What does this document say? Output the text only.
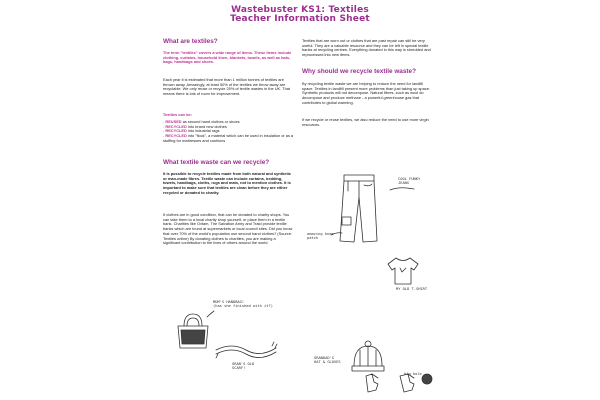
Wastebuster KS1: Textiles
Teacher Information Sheet
What are textiles?
The term "textiles" covers a wide range of items. These items include clothing, curtains, household linen, blankets, towels, as well as hats, bags, handbags and shoes.
Each year it is estimated that more than 1 million tonnes of textiles are thrown away. Amazingly, at least 50% of the textiles we throw away are recyclable. We only reuse or recycle 25% of textile wastes in the UK. That means there is lots of room for improvement.
Textiles can be:
- REUSED as second hand clothes or shoes
- RECYCLED into brand new clothes
- RECYCLED into industrial rags
- RECYCLED into "flock", a material which can be used in insulation or as a stuffing for mattresses and cushions
What textile waste can we recycle?
It is possible to recycle textiles made from both natural and synthetic or man-made fibres. Textile waste can include curtains, bedding, towels, handbags, cloths, rugs and mats, not to mention clothes. It is important to make sure that textiles are clean before they are either recycled or donated to charity.
If clothes are in good condition, that can be donated to charity shops. You can take them to a local charity shop yourself, or place them in a textile bank. Charities like Oxfam, The Salvation Army and Traid provide textile banks which are found at supermarkets or local council sites. Did you know that over 70% of the world's population use second hand clothes? (Source: Textiles online) By donating clothes to charities, you are making a significant contribution to the lives of others around the world.
Textiles that are worn out or clothes that are past repair can still be very useful. They are a valuable resource and they can be left in special textile banks at recycling centres. Everything donated in this way is shredded and reprocessed into new items.
Why should we recycle textile waste?
By recycling textile waste we are helping to reduce the need for landfill space. Textiles in landfill present more problems than just taking up space. Synthetic products will not decompose. Natural fibres, such as wool do decompose and produce methane - a powerful greenhouse gas that contributes to global warming.
If we recycle or reuse textiles, we also reduce the need to use more virgin resources.
COOL FUNKY
JEANS
amazing knee
patch
MY OLD T-SHIRT
MUM'S HANDBAG!
(has she finished with it?)
GRAN'S OLD
SCARF!
GRANDAD'S
HAT & GLOVES
big hole
